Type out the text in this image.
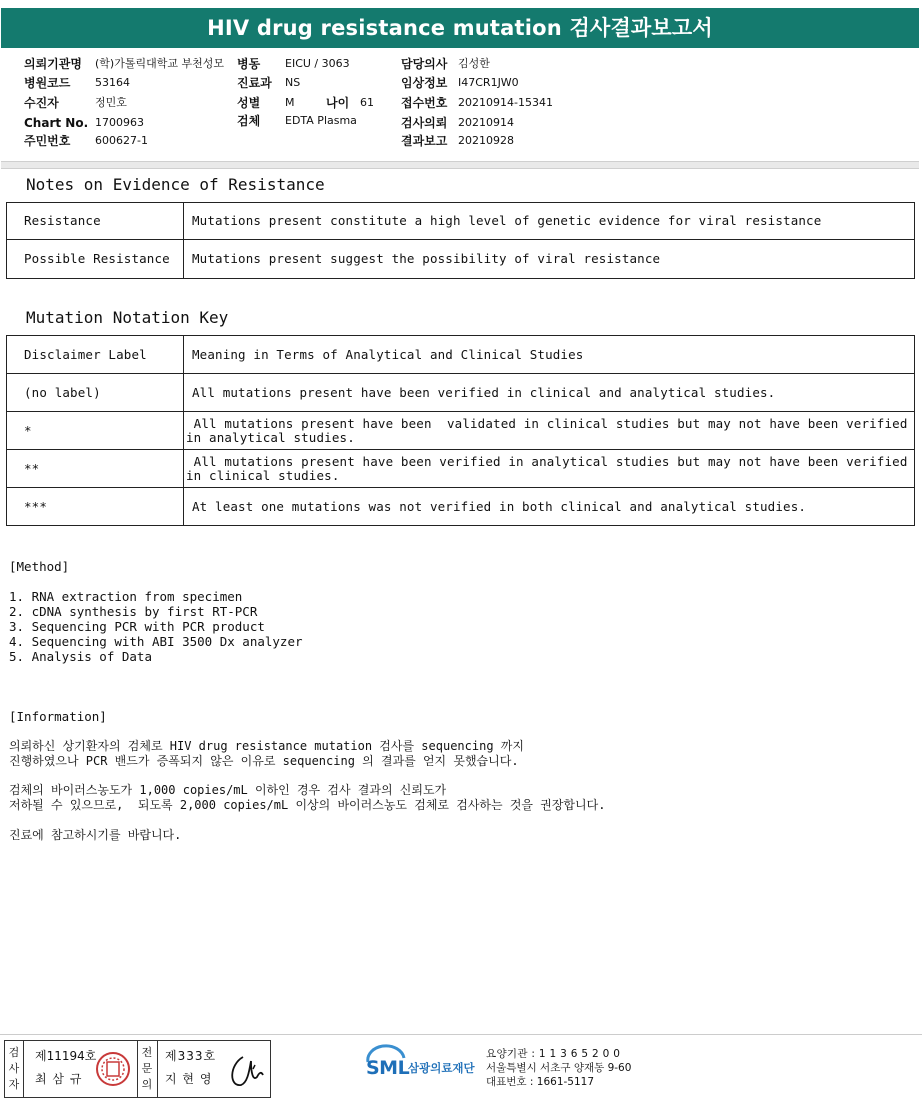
HIV drug resistance mutation 검사결과보고서
의뢰기관명 (학)가톨릭대학교 부천성모
병원코드 53164
수진자	정민호
Chart No. 1700963
주민번호 600627-1
병동 EICU / 3063
진료과 NS
성별 M	나이 61
검체 EDTA Plasma
담당의사 김성한
임상정보 I47CR1JW0
접수번호 20210914-15341
검사의뢰 20210914
결과보고 20210928
Notes on Evidence of Resistance
Resistance	Mutations present constitute a high level of genetic evidence for viral resistance
Possible Resistance	Mutations present suggest the possibility of viral resistance
Mutation Notation Key
Disclaimer Label	Meaning in Terms of Analytical and Clinical Studies
(no label)	All mutations present have been verified in clinical and analytical studies.
*	All mutations present have been  validated in clinical studies but may not have been verified
in analytical studies.
**	All mutations present have been verified in analytical studies but may not have been verified
in clinical studies.
***	At least one mutations was not verified in both clinical and analytical studies.
[Method]
1. RNA extraction from specimen
2. cDNA synthesis by first RT-PCR
3. Sequencing PCR with PCR product
4. Sequencing with ABI 3500 Dx analyzer
5. Analysis of Data
[Information]
의뢰하신 상기환자의 검체로 HIV drug resistance mutation 검사를 sequencing 까지
진행하였으나 PCR 밴드가 증폭되지 않은 이유로 sequencing 의 결과를 얻지 못했습니다.
검체의 바이러스농도가 1,000 copies/mL 이하인 경우 검사 결과의 신뢰도가
저하될 수 있으므로,  되도록 2,000 copies/mL 이상의 바이러스농도 검체로 검사하는 것을 권장합니다.
진료에 참고하시기를 바랍니다.
검
사
자
제11194호
최 삼 규
전
문
의
제333호
지 현 영	SML
삼광의료재단
요양기관 : 1 1 3 6 5 2 0 0
서울특별시 서초구 양재동 9-60
대표번호 : 1661-5117
